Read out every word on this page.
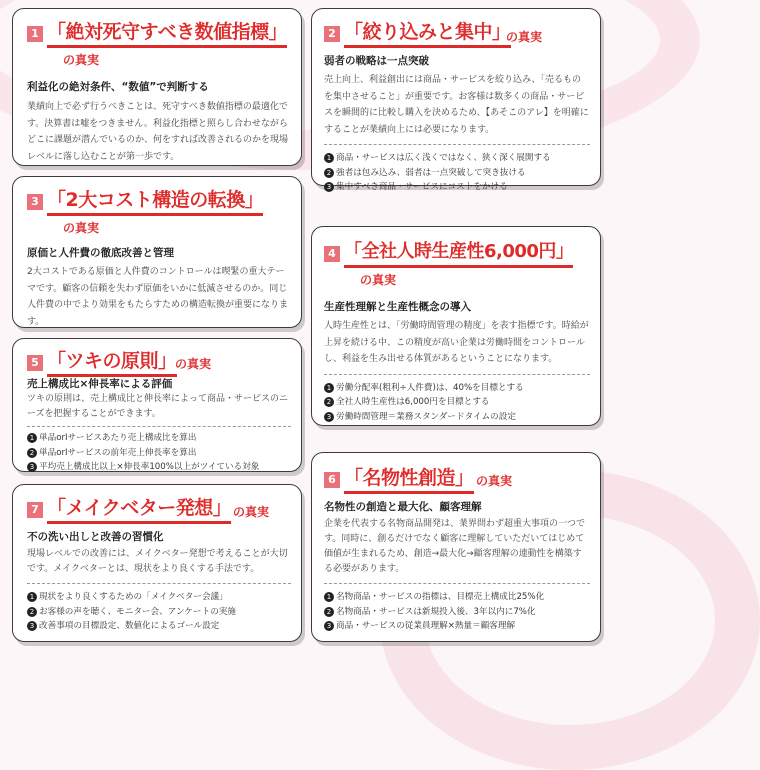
1 「絶対死守すべき数値指標」
の真実
利益化の絶対条件、“数値”で判断する
業績向上で必ず行うべきことは、死守すべき数値指標の最適化です。決算書は嘘をつきません。利益化指標と照らし合わせながらどこに課題が潜んでいるのか、何をすれば改善されるのかを現場レベルに落し込むことが第一歩です。
2 「絞り込みと集中」
の真実
弱者の戦略は一点突破
売上向上、利益創出には商品・サービスを絞り込み、「売るものを集中させること」が重要です。お客様は数多くの商品・サービスを瞬間的に比較し購入を決めるため、【あそこのアレ】を明確にすることが業績向上には必要になります。
1 商品・サービスは広く浅くではなく、狭く深く展開する
2 強者は包み込み、弱者は一点突破して突き抜ける
3 集中すべき商品・サービスにコストをかける
3 「2大コスト構造の転換」
の真実
原価と人件費の徹底改善と管理
2大コストである原価と人件費のコントロールは喫緊の重大テーマです。顧客の信頼を失わず原価をいかに低減させるのか。同じ人件費の中でより効果をもたらすための構造転換が重要になります。
4 「全社人時生産性6,000円」
の真実
生産性理解と生産性概念の導入
人時生産性とは、「労働時間管理の精度」を表す指標です。時給が上昇を続ける中、この精度が高い企業は労働時間をコントロールし、利益を生み出せる体質があるということになります。
1 労働分配率(粗利÷人件費)は、40%を目標とする
2 全社人時生産性は6,000円を目標とする
3 労働時間管理＝業務スタンダードタイムの設定
5 「ツキの原則」
の真実
売上構成比×伸長率による評価
ツキの原則は、売上構成比と伸長率によって商品・サービスのニーズを把握することができます。
1 単品orIサービスあたり売上構成比を算出
2 単品orIサービスの前年売上伸長率を算出
3 平均売上構成比以上×伸長率100%以上がツイている対象
6 「名物性創造」 の真実
名物性の創造と最大化、顧客理解
企業を代表する名物商品開発は、業界問わず超重大事項の一つです。同時に、創るだけでなく顧客に理解していただいてはじめて価値が生まれるため、創造→最大化→顧客理解の連動性を構築する必要があります。
1 名物商品・サービスの指標は、目標売上構成比25%化
2 名物商品・サービスは新規投入後、3年以内に7%化
3 商品・サービスの従業員理解×熱量＝顧客理解
7 「メイクベター発想」 の真実
不の洗い出しと改善の習慣化
現場レベルでの改善には、メイクベター発想で考えることが大切です。メイクベターとは、現状をより良くする手法です。
1 現状をより良くするための「メイクベター会議」
2 お客様の声を聴く、モニター会、アンケートの実施
3 改善事項の目標設定、数値化によるゴール設定
